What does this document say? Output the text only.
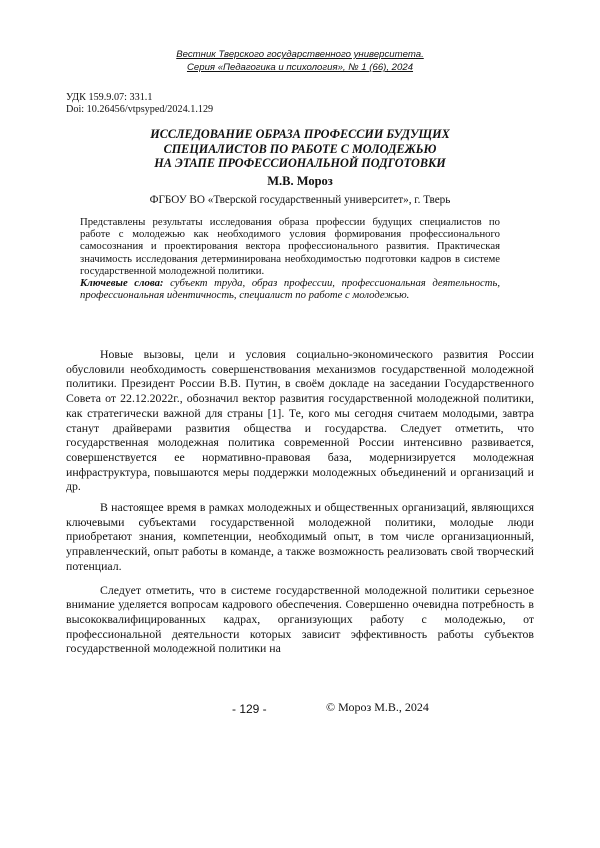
Вестник Тверского государственного университета.
Серия «Педагогика и психология», № 1 (66), 2024
УДК 159.9.07: 331.1
Doi: 10.26456/vtpsyped/2024.1.129
ИССЛЕДОВАНИЕ ОБРАЗА ПРОФЕССИИ БУДУЩИХ
СПЕЦИАЛИСТОВ ПО РАБОТЕ С МОЛОДЕЖЬЮ
НА ЭТАПЕ ПРОФЕССИОНАЛЬНОЙ ПОДГОТОВКИ
М.В. Мороз
ФГБОУ ВО «Тверской государственный университет», г. Тверь

Представлены результаты исследования образа профессии будущих специалистов по работе с молодежью как необходимого условия формирования профессионального самосознания и проектирования вектора профессионального развития. Практическая значимость исследования детерминирована необходимостью подготовки кадров в системе государственной молодежной политики.

Ключевые слова: субъект труда, образ профессии, профессиональная деятельность, профессиональная идентичность, специалист по работе с молодежью.

Новые вызовы, цели и условия социально-экономического развития России обусловили необходимость совершенствования механизмов государственной молодежной политики. Президент России В.В. Путин, в своём докладе на заседании Государственного Совета от 22.12.2022г., обозначил вектор развития государственной молодежной политики, как стратегически важной для страны [1]. Те, кого мы сегодня считаем молодыми, завтра станут драйверами развития общества и государства. Следует отметить, что государственная молодежная политика современной России интенсивно развивается, совершенствуется ее нормативно-правовая база, модернизируется молодежная инфраструктура, повышаются меры поддержки молодежных объединений и организаций и др.

В настоящее время в рамках молодежных и общественных организаций, являющихся ключевыми субъектами государственной молодежной политики, молодые люди приобретают знания, компетенции, необходимый опыт, в том числе организационный, управленческий, опыт работы в команде, а также возможность реализовать свой творческий потенциал.

Следует отметить, что в системе государственной молодежной политики серьезное внимание уделяется вопросам кадрового обеспечения. Совершенно очевидна потребность в высококвалифицированных кадрах, организующих работу с молодежью, от профессиональной деятельности которых зависит эффективность работы субъектов государственной молодежной политики на

- 129 -	© Мороз М.В., 2024
